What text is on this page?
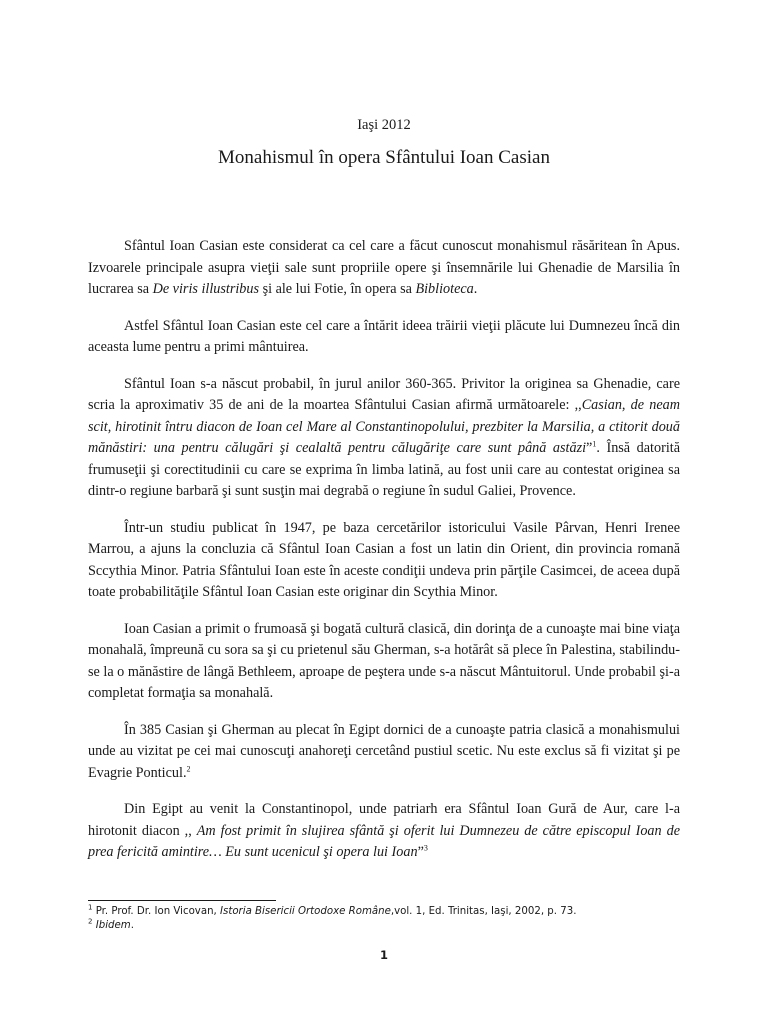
Iaşi 2012
Monahismul în opera Sfântului Ioan Casian

Sfântul Ioan Casian este considerat ca cel care a făcut cunoscut monahismul răsăritean în Apus. Izvoarele principale asupra vieţii sale sunt propriile opere şi însemnările lui Ghenadie de Marsilia în lucrarea sa De viris illustribus şi ale lui Fotie, în opera sa Biblioteca.

Astfel Sfântul Ioan Casian este cel care a întărit ideea trăirii vieţii plăcute lui Dumnezeu încă din aceasta lume pentru a primi mântuirea.

Sfântul Ioan s-a născut probabil, în jurul anilor 360-365. Privitor la originea sa Ghenadie, care scria la aproximativ 35 de ani de la moartea Sfântului Casian afirmă următoarele: ,,Casian, de neam scit, hirotinit întru diacon de Ioan cel Mare al Constantinopolului, prezbiter la Marsilia, a ctitorit două mănăstiri: una pentru călugări şi cealaltă pentru călugăriţe care sunt până astăzi”$^1$. Însă datorită frumuseţii şi corectitudinii cu care se exprima în limba latină, au fost unii care au contestat originea sa dintr-o regiune barbară şi sunt susţin mai degrabă o regiune în sudul Galiei, Provence.

Într-un studiu publicat în 1947, pe baza cercetărilor istoricului Vasile Pârvan, Henri Irenee Marrou, a ajuns la concluzia că Sfântul Ioan Casian a fost un latin din Orient, din provincia romană Sccythia Minor. Patria Sfântului Ioan este în aceste condiţii undeva prin părţile Casimcei, de aceea după toate probabilităţile Sfântul Ioan Casian este originar din Scythia Minor.

Ioan Casian a primit o frumoasă şi bogată cultură clasică, din dorinţa de a cunoaşte mai bine viaţa monahală, împreună cu sora sa şi cu prietenul său Gherman, s-a hotărât să plece în Palestina, stabilindu-se la o mănăstire de lângă Bethleem, aproape de peştera unde s-a născut Mântuitorul. Unde probabil şi-a completat formaţia sa monahală.

În 385 Casian şi Gherman au plecat în Egipt dornici de a cunoaşte patria clasică a monahismului unde au vizitat pe cei mai cunoscuţi anahoreţi cercetând pustiul scetic. Nu este exclus să fi vizitat şi pe Evagrie Ponticul.$^2$

Din Egipt au venit la Constantinopol, unde patriarh era Sfântul Ioan Gură de Aur, care l-a hirotonit diacon ,, Am fost primit în slujirea sfântă şi oferit lui Dumnezeu de către episcopul Ioan de prea fericită amintire… Eu sunt ucenicul şi opera lui Ioan”$^3$

$^1$ Pr. Prof. Dr. Ion Vicovan, Istoria Bisericii Ortodoxe Române,vol. 1, Ed. Trinitas, Iaşi, 2002, p. 73.
$^2$ Ibidem.
1
